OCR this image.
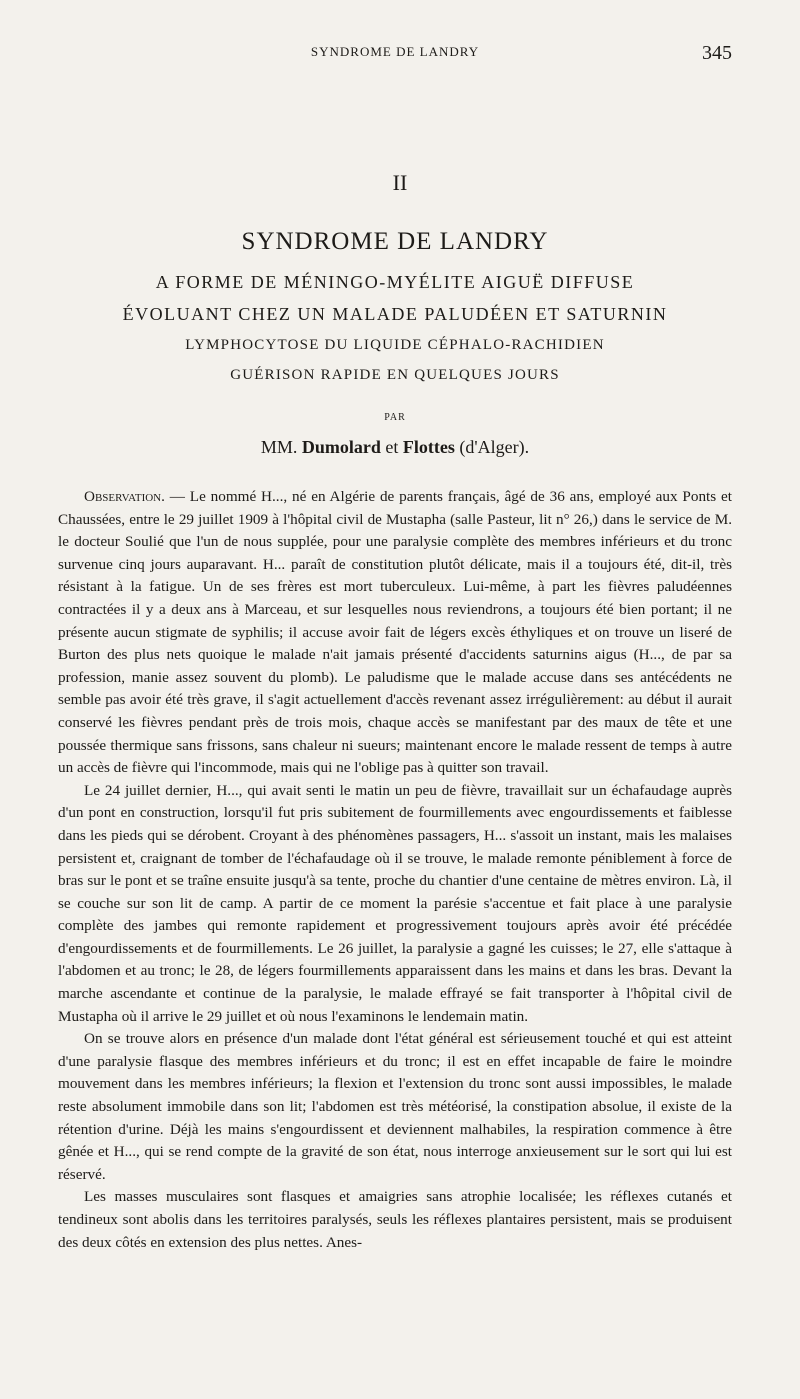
SYNDROME DE LANDRY	345
II
SYNDROME DE LANDRY
A FORME DE MÉNINGO-MYÉLITE AIGUË DIFFUSE
ÉVOLUANT CHEZ UN MALADE PALUDÉEN ET SATURNIN
LYMPHOCYTOSE DU LIQUIDE CÉPHALO-RACHIDIEN
GUÉRISON RAPIDE EN QUELQUES JOURS
PAR
MM. Dumolard et Flottes (d'Alger).

Observation. — Le nommé H..., né en Algérie de parents français, âgé de 36 ans, employé aux Ponts et Chaussées, entre le 29 juillet 1909 à l'hôpital civil de Mustapha (salle Pasteur, lit n° 26,) dans le service de M. le docteur Soulié que l'un de nous supplée, pour une paralysie complète des membres inférieurs et du tronc survenue cinq jours auparavant. H... paraît de constitution plutôt délicate, mais il a toujours été, dit-il, très résistant à la fatigue. Un de ses frères est mort tuberculeux. Lui-même, à part les fièvres paludéennes contractées il y a deux ans à Marceau, et sur lesquelles nous reviendrons, a toujours été bien portant; il ne présente aucun stigmate de syphilis; il accuse avoir fait de légers excès éthyliques et on trouve un liseré de Burton des plus nets quoique le malade n'ait jamais présenté d'accidents saturnins aigus (H..., de par sa profession, manie assez souvent du plomb). Le paludisme que le malade accuse dans ses antécédents ne semble pas avoir été très grave, il s'agit actuellement d'accès revenant assez irrégulièrement: au début il aurait conservé les fièvres pendant près de trois mois, chaque accès se manifestant par des maux de tête et une poussée thermique sans frissons, sans chaleur ni sueurs; maintenant encore le malade ressent de temps à autre un accès de fièvre qui l'incommode, mais qui ne l'oblige pas à quitter son travail.

Le 24 juillet dernier, H..., qui avait senti le matin un peu de fièvre, travaillait sur un échafaudage auprès d'un pont en construction, lorsqu'il fut pris subitement de fourmillements avec engourdissements et faiblesse dans les pieds qui se dérobent. Croyant à des phénomènes passagers, H... s'assoit un instant, mais les malaises persistent et, craignant de tomber de l'échafaudage où il se trouve, le malade remonte péniblement à force de bras sur le pont et se traîne ensuite jusqu'à sa tente, proche du chantier d'une centaine de mètres environ. Là, il se couche sur son lit de camp. A partir de ce moment la parésie s'accentue et fait place à une paralysie complète des jambes qui remonte rapidement et progressivement toujours après avoir été précédée d'engourdissements et de fourmillements. Le 26 juillet, la paralysie a gagné les cuisses; le 27, elle s'attaque à l'abdomen et au tronc; le 28, de légers fourmillements apparaissent dans les mains et dans les bras. Devant la marche ascendante et continue de la paralysie, le malade effrayé se fait transporter à l'hôpital civil de Mustapha où il arrive le 29 juillet et où nous l'examinons le lendemain matin.

On se trouve alors en présence d'un malade dont l'état général est sérieusement touché et qui est atteint d'une paralysie flasque des membres inférieurs et du tronc; il est en effet incapable de faire le moindre mouvement dans les membres inférieurs; la flexion et l'extension du tronc sont aussi impossibles, le malade reste absolument immobile dans son lit; l'abdomen est très météorisé, la constipation absolue, il existe de la rétention d'urine. Déjà les mains s'engourdissent et deviennent malhabiles, la respiration commence à être gênée et H..., qui se rend compte de la gravité de son état, nous interroge anxieusement sur le sort qui lui est réservé.

Les masses musculaires sont flasques et amaigries sans atrophie localisée; les réflexes cutanés et tendineux sont abolis dans les territoires paralysés, seuls les réflexes plantaires persistent, mais se produisent des deux côtés en extension des plus nettes. Anes-
